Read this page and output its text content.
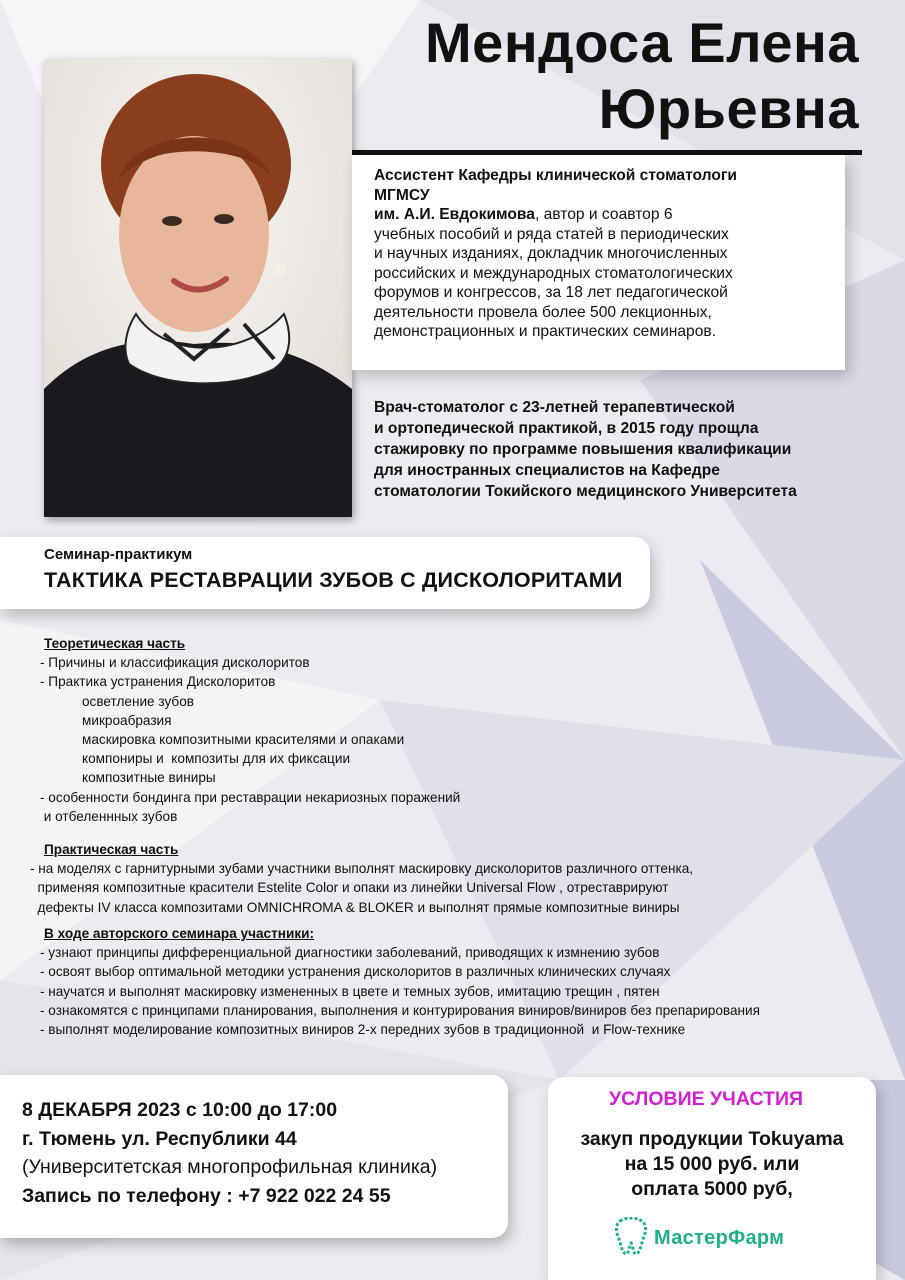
Мендоса Елена
Юрьевна
Ассистент Кафедры клинической стоматологи
МГМСУ
им. А.И. Евдокимова, автор и соавтор 6
учебных пособий и ряда статей в периодических
и научных изданиях, докладчик многочисленных
российских и международных стоматологических
форумов и конгрессов, за 18 лет педагогической
деятельности провела более 500 лекционных,
демонстрационных и практических семинаров.
Врач-стоматолог с 23-летней терапевтической
и ортопедической практикой, в 2015 году прощла
стажировку по программе повышения квалификации
для иностранных специалистов на Кафедре
стоматологии Токийского медицинского Университета
Семинар-практикум
ТАКТИКА РЕСТАВРАЦИИ ЗУБОВ С ДИСКОЛОРИТАМИ
Теоретическая часть
- Причины и классификация дисколоритов
- Практика устранения Дисколоритов
осветление зубов
микроабразия
маскировка композитными красителями и опаками
компониры и  композиты для их фиксации
композитные виниры
- особенности бондинга при реставрации некариозных поражений
и отбеленнных зубов
Практическая часть
- на моделях с гарнитурными зубами участники выполнят маскировку дисколоритов различного оттенка,
применяя композитные красители Estelite Color и опаки из линейки Universal Flow , отреставрируют
дефекты IV класса композитами OMNICHROMA & BLOKER и выполнят прямые композитные виниры
В ходе авторского семинара участники:
- узнают принципы дифференциальной диагностики заболеваний, приводящих к измнению зубов
- освоят выбор оптимальной методики устранения дисколоритов в различных клинических случаях
- научатся и выполнят маскировку измененных в цвете и темных зубов, имитацию трещин , пятен
- ознакомятся с принципами планирования, выполнения и контурирования виниров/виниров без препарирования
- выполнят моделирование композитных виниров 2-х передних зубов в традиционной  и Flow-технике
8 ДЕКАБРЯ 2023 с 10:00 до 17:00
г. Тюмень ул. Республики 44
(Университетская многопрофильная клиника)
Запись по телефону : +7 922 022 24 55
УСЛОВИЕ УЧАСТИЯ
закуп продукции Tokuyama
на 15 000 руб. или
оплата 5000 руб,
МастерФарм
